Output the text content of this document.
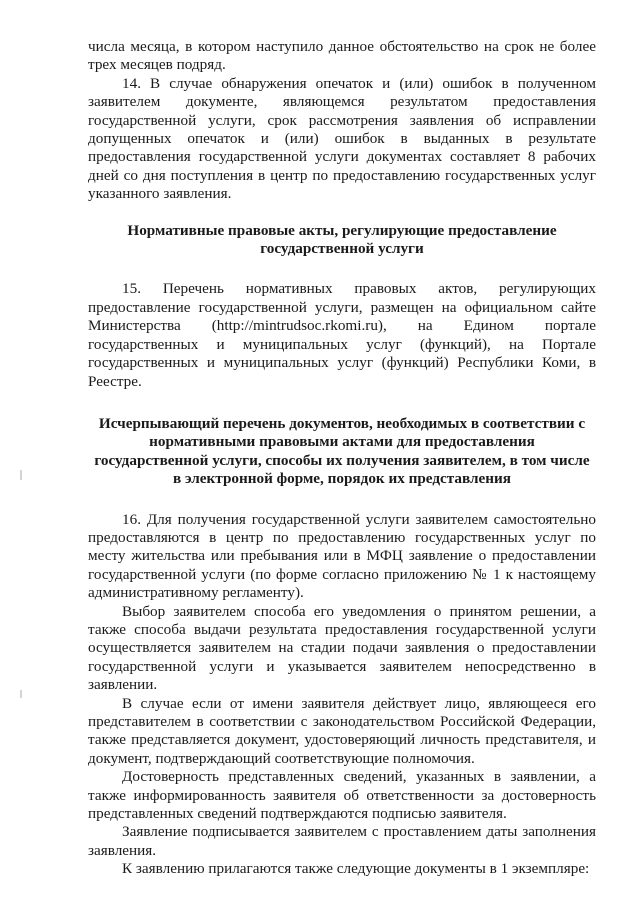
числа месяца, в котором наступило данное обстоятельство на срок не более трех месяцев подряд.

14. В случае обнаружения опечаток и (или) ошибок в полученном заявителем документе, являющемся результатом предоставления государственной услуги, срок рассмотрения заявления об исправлении допущенных опечаток и (или) ошибок в выданных в результате предоставления государственной услуги документах составляет 8 рабочих дней со дня поступления в центр по предоставлению государственных услуг указанного заявления.

Нормативные правовые акты, регулирующие предоставление государственной услуги

15. Перечень нормативных правовых актов, регулирующих предоставление государственной услуги, размещен на официальном сайте Министерства (http://mintrudsoc.rkomi.ru), на Едином портале государственных и муниципальных услуг (функций), на Портале государственных и муниципальных услуг (функций) Республики Коми, в Реестре.

Исчерпывающий перечень документов, необходимых в соответствии с нормативными правовыми актами для предоставления государственной услуги, способы их получения заявителем, в том числе в электронной форме, порядок их представления

16. Для получения государственной услуги заявителем самостоятельно предоставляются в центр по предоставлению государственных услуг по месту жительства или пребывания или в МФЦ заявление о предоставлении государственной услуги (по форме согласно приложению № 1 к настоящему административному регламенту).

Выбор заявителем способа его уведомления о принятом решении, а также способа выдачи результата предоставления государственной услуги осуществляется заявителем на стадии подачи заявления о предоставлении государственной услуги и указывается заявителем непосредственно в заявлении.

В случае если от имени заявителя действует лицо, являющееся его представителем в соответствии с законодательством Российской Федерации, также представляется документ, удостоверяющий личность представителя, и документ, подтверждающий соответствующие полномочия.

Достоверность представленных сведений, указанных в заявлении, а также информированность заявителя об ответственности за достоверность представленных сведений подтверждаются подписью заявителя.

Заявление подписывается заявителем с проставлением даты заполнения заявления.

К заявлению прилагаются также следующие документы в 1 экземпляре:
